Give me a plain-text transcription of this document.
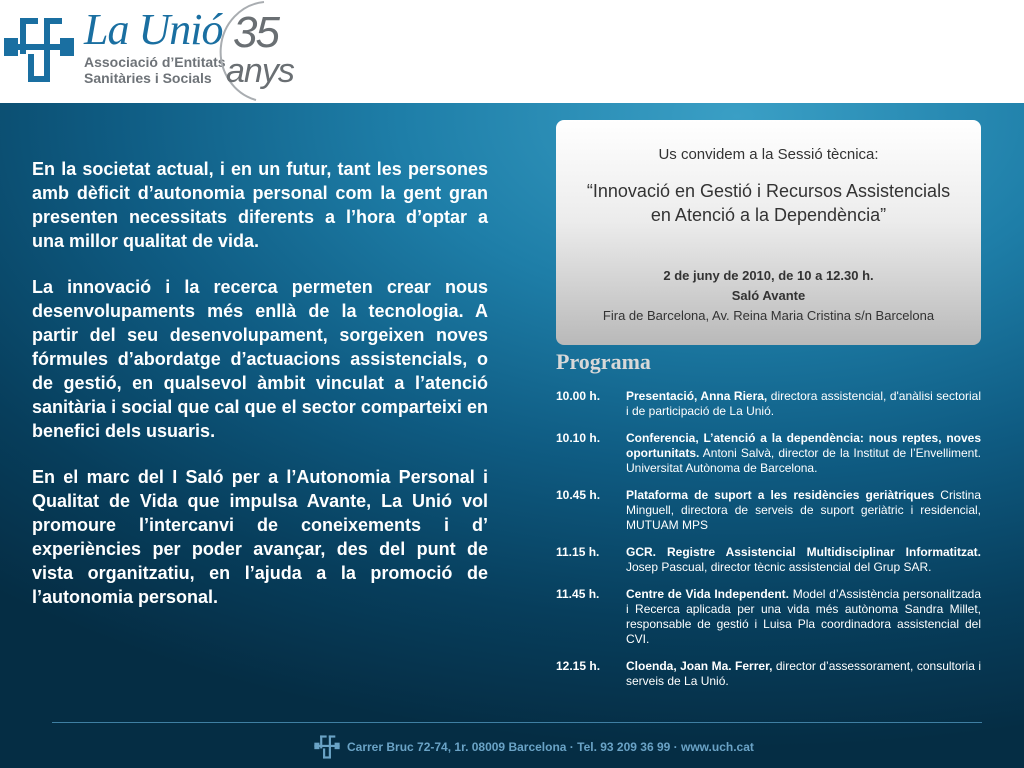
La Unió
Associació d’Entitats
Sanitàries i Socials
35
anys

En la societat actual, i en un futur, tant les persones amb dèficit d’autonomia personal com la gent gran presenten necessitats diferents a l’hora d’optar a una millor qualitat de vida.

La innovació i la recerca permeten crear nous desenvolupaments més enllà de la tecnologia. A partir del seu desenvolupament, sorgeixen noves fórmules d’abordatge d’actuacions assistencials, o de gestió, en qualsevol àmbit vinculat a l’atenció sanitària i social que cal que el sector comparteixi en benefici dels usuaris.

En el marc del I Saló per a l’Autonomia Personal i Qualitat de Vida que impulsa Avante, La Unió vol promoure l’intercanvi de coneixements i d’ experiències per poder avançar, des del punt de vista organitzatiu, en l’ajuda a la promoció de l’autonomia personal.

Us convidem a la Sessió tècnica:
“Innovació en Gestió i Recursos Assistencials en Atenció a la Dependència”
2 de juny de 2010, de 10 a 12.30 h.
Saló Avante
Fira de Barcelona, Av. Reina Maria Cristina s/n Barcelona
Programa
10.00 h.	Presentació, Anna Riera, directora assistencial, d'anàlisi sectorial i de participació de La Unió.
10.10 h.	Conferencia, L’atenció a la dependència: nous reptes, noves oportunitats. Antoni Salvà, director de la Institut de l’Envelliment. Universitat Autònoma de Barcelona.
10.45 h.	Plataforma de suport a les residències geriàtriques Cristina Minguell, directora de serveis de suport geriàtric i residencial, MUTUAM MPS
11.15 h.	GCR. Registre Assistencial Multidisciplinar Informatitzat. Josep Pascual, director tècnic assistencial del Grup SAR.
11.45 h.	Centre de Vida Independent. Model d’Assistència personalitzada i Recerca aplicada per una vida més autònoma Sandra Millet, responsable de gestió i Luisa Pla coordinadora assistencial del CVI.
12.15 h.	Cloenda, Joan Ma. Ferrer, director d’assessorament, consultoria i serveis de La Unió.
Carrer Bruc 72-74, 1r. 08009 Barcelona · Tel. 93 209 36 99 · www.uch.cat
